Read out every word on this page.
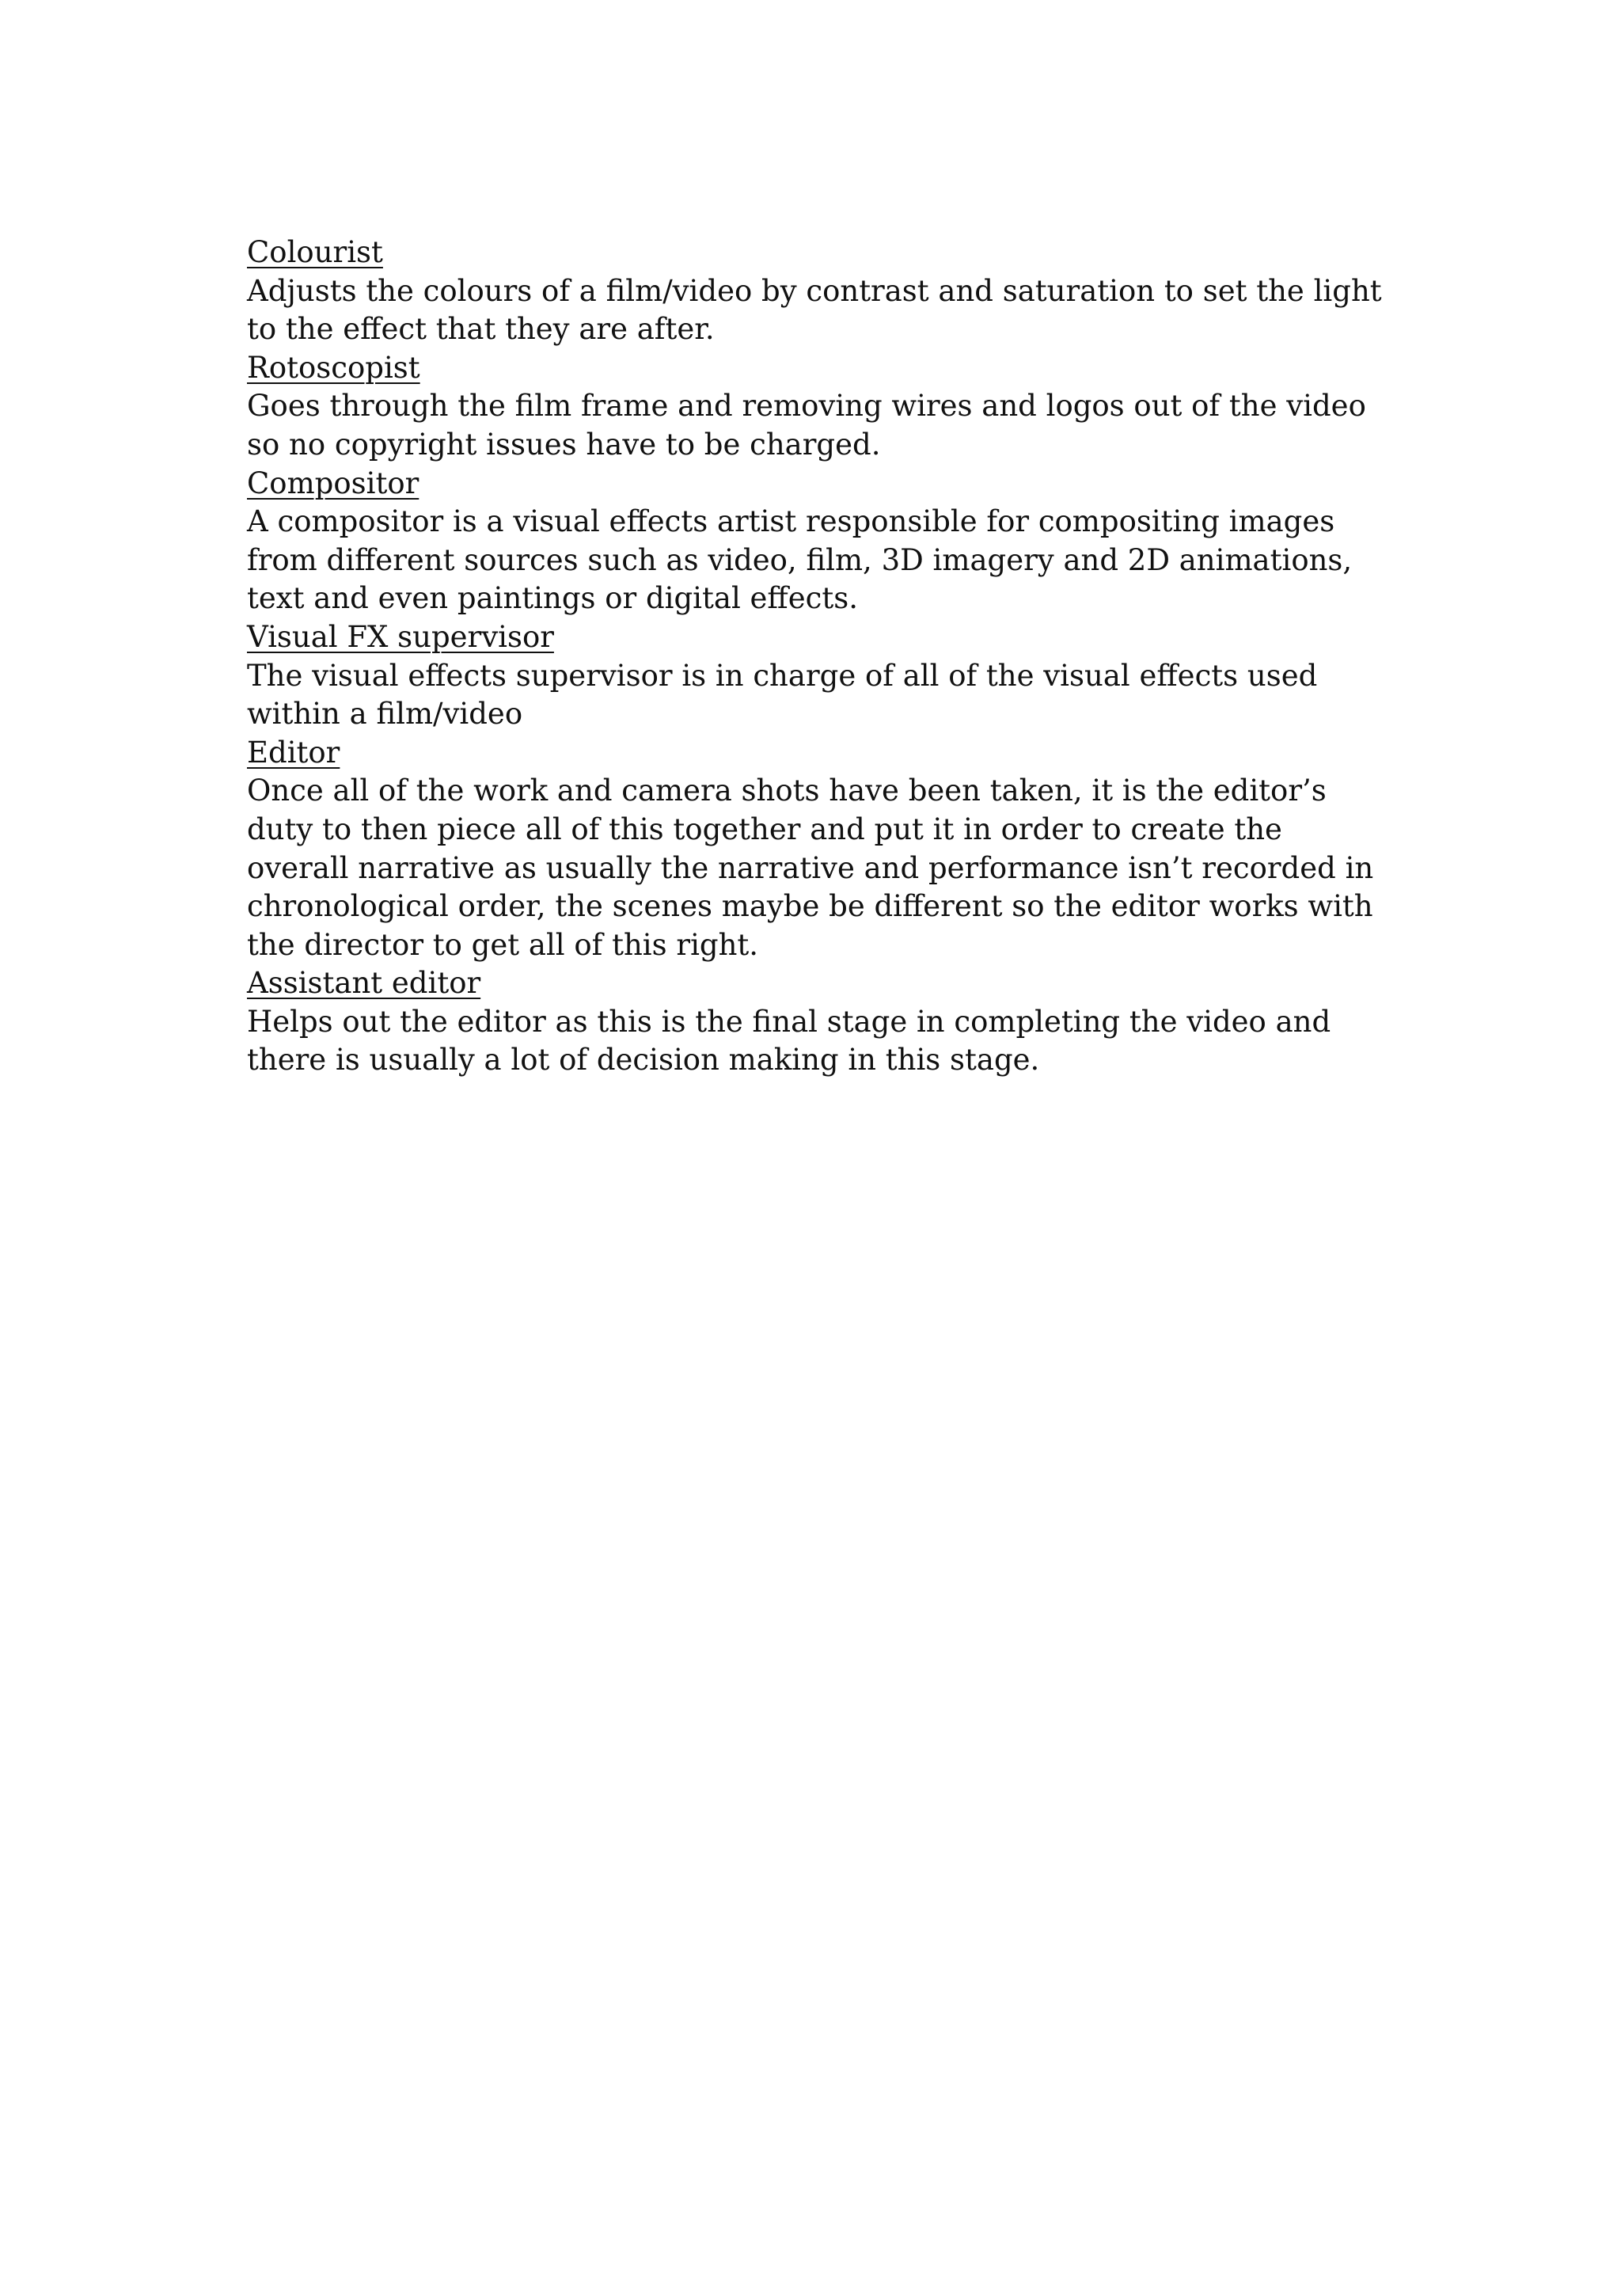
Colourist

Adjusts the colours of a film/video by contrast and saturation to set the light to the effect that they are after.

Rotoscopist

Goes through the film frame and removing wires and logos out of the video so no copyright issues have to be charged.

Compositor

A compositor is a visual effects artist responsible for compositing images from different sources such as video, film, 3D imagery and 2D animations, text and even paintings or digital effects.

Visual FX supervisor

The visual effects supervisor is in charge of all of the visual effects used within a film/video

Editor

Once all of the work and camera shots have been taken, it is the editor’s duty to then piece all of this together and put it in order to create the overall narrative as usually the narrative and performance isn’t recorded in chronological order, the scenes maybe be different so the editor works with the director to get all of this right.

Assistant editor

Helps out the editor as this is the final stage in completing the video and there is usually a lot of decision making in this stage.
